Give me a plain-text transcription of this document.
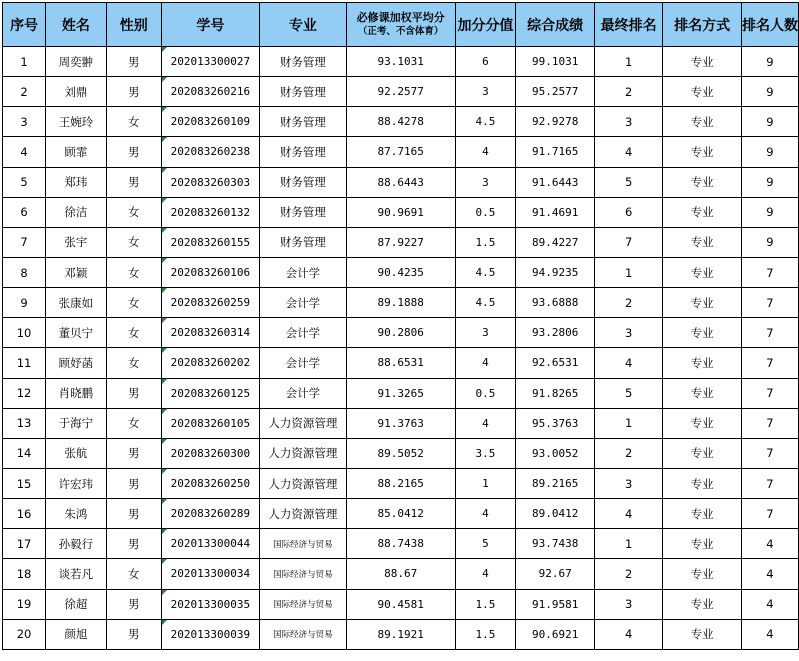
序号	姓名	性别	学号	专业	必修课加权平均分
（正考、不含体育）	加分分值	综合成绩	最终排名	排名方式	排名人数
1	周奕翀	男	202013300027	财务管理	93.1031	6	99.1031	1	专业	9
2	刘鼎	男	202083260216	财务管理	92.2577	3	95.2577	2	专业	9
3	王婉玲	女	202083260109	财务管理	88.4278	4.5	92.9278	3	专业	9
4	顾霏	男	202083260238	财务管理	87.7165	4	91.7165	4	专业	9
5	郑玮	男	202083260303	财务管理	88.6443	3	91.6443	5	专业	9
6	徐洁	女	202083260132	财务管理	90.9691	0.5	91.4691	6	专业	9
7	张宇	女	202083260155	财务管理	87.9227	1.5	89.4227	7	专业	9
8	邓颖	女	202083260106	会计学	90.4235	4.5	94.9235	1	专业	7
9	张康如	女	202083260259	会计学	89.1888	4.5	93.6888	2	专业	7
10	董贝宁	女	202083260314	会计学	90.2806	3	93.2806	3	专业	7
11	顾妤菡	女	202083260202	会计学	88.6531	4	92.6531	4	专业	7
12	肖晓鹏	男	202083260125	会计学	91.3265	0.5	91.8265	5	专业	7
13	于海宁	女	202083260105	人力资源管理	91.3763	4	95.3763	1	专业	7
14	张航	男	202083260300	人力资源管理	89.5052	3.5	93.0052	2	专业	7
15	许宏玮	男	202083260250	人力资源管理	88.2165	1	89.2165	3	专业	7
16	朱鸿	男	202083260289	人力资源管理	85.0412	4	89.0412	4	专业	7
17	孙毅行	男	202013300044	国际经济与贸易	88.7438	5	93.7438	1	专业	4
18	谈若凡	女	202013300034	国际经济与贸易	88.67	4	92.67	2	专业	4
19	徐超	男	202013300035	国际经济与贸易	90.4581	1.5	91.9581	3	专业	4
20	颜旭	男	202013300039	国际经济与贸易	89.1921	1.5	90.6921	4	专业	4
